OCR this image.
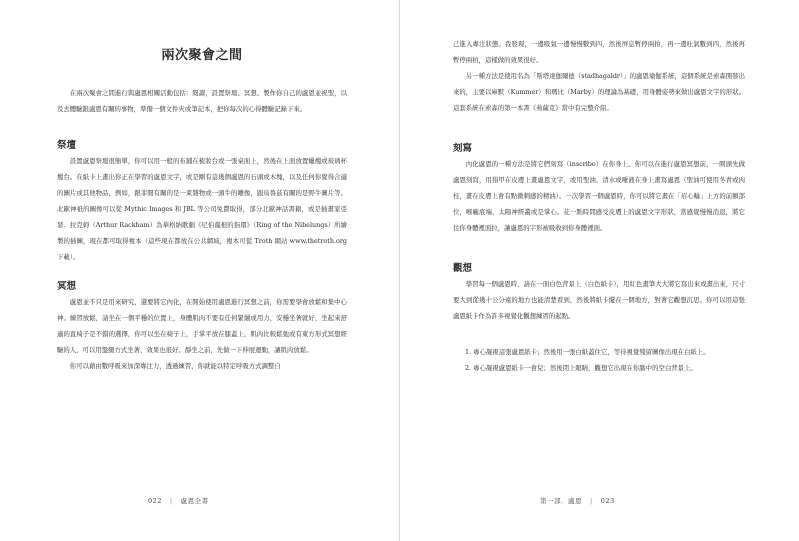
兩次聚會之間

在兩次聚會之間進行與盧恩相關活動包括：閱讀，設置祭壇、冥想、製作你自己的盧恩並祝聖，以及去體驗跟盧恩有關的事物，準備一個文件夾或筆記本，把你每次的心得體驗記錄下來。

祭壇

設置盧恩祭壇很簡單，你可以用一般的布鋪在梳妝台或一張桌面上，然後在上面放置蠟燭或玻璃杯燭台。在紙卡上畫出你正在學習的盧恩文字，或是剛有這幾個盧恩的石頭或木塊，以及任何你覺得合適的圖片或其他物品，例如，跟菲閱有關的是一束雜物或一頭牛的雕像，跟烏魯茲有關的是野牛圖片等。北歐神祇的圖像可以從 Mythic Images 和 JBL 等公司免費取得，部分北歐神話書籍，或是插畫家亞瑟．拉克姆（Arthur Rackham）為華格納歌劇《尼伯龍根的指環》（Ring of the Nibelungs）所繪製的插圖，現在都可取得複本（這些現在都放在公共網域，複本可從 Troth 網站 www.thetroth.org 下載）。

冥想

盧恩並不只是用來研究，還要將它內化，在開始使用盧恩進行冥想之前，你需要學會放鬆和集中心神。練習放鬆，請坐在一個平穩的位置上，身體肌肉不要有任何緊繃或用力，安穩坐著就好，坐起來舒適的直椅子是不錯的選擇，你可以坐在椅子上，手掌平放在膝蓋上，肌肉比較鬆弛或有東方形式冥想經驗的人，可以用盤腿方式坐著，效果也很好。靜坐之前，先做一下伸展運動，讓肌肉放鬆。

你可以藉由數呼吸來加深專注力，透過練習，你就能以特定呼吸方式調整自

022 | 盧恩全書

己進入專注狀態。我發現，一邊吸氣一邊慢慢數到四，然後屏息暫停兩拍，再一邊吐氣數到四，然後再暫停兩拍，這樣做的效果很好。

另一種方法是使用名為「斯塔達伽爾德（stadhagaldr）」的盧恩瑜伽系統，這個系統是索森開發出來的，主要以庫默（Kummer）和瑪比（Marby）的理論為基礎，用身體姿勢來做出盧恩文字的形狀。這套系統在索森的第一本書《弗薩克》當中有完整介紹。

刻寫

內化盧恩的一種方法是將它們刻寫（inscribe）在你身上。你可以在進行盧恩冥想前，一開頭先做盧恩刻寫，用指甲在皮膚上畫盧恩文字，或用聖油、清水或唾液在身上畫寫盧恩（聖油可使用冬青或肉桂，畫在皮膚上會有點微刺感的精油）。一次學習一個盧恩時，你可以將它畫在「眉心輪」上方的前額部位，喉嚨底端、太陽神經叢或是掌心。花一點時間感受皮膚上的盧恩文字形狀，當感覺慢慢消退，將它往你身體裡面拉，讓盧恩的字形被吸收到你身體裡面。

觀想

學習每一個盧恩時，請在一面白色背景上（白色紙卡），用紅色畫筆大大將它寫出來或畫出來，尺寸要大到從幾十公分遠的地方也能清楚看到，然後將紙卡擺在一個地方，對著它觀想沉思。你可以用這張盧恩紙卡作為許多視覺化觀想練習的起點。

1. 專心凝視這張盧恩紙卡；然後用一張白紙蓋住它，等待視覺殘留圖像出現在白紙上。

2. 專心凝視盧恩紙卡一會兒；然後閉上眼睛，觀想它出現在你腦中的空白背景上。

第一部．盧恩 | 023
